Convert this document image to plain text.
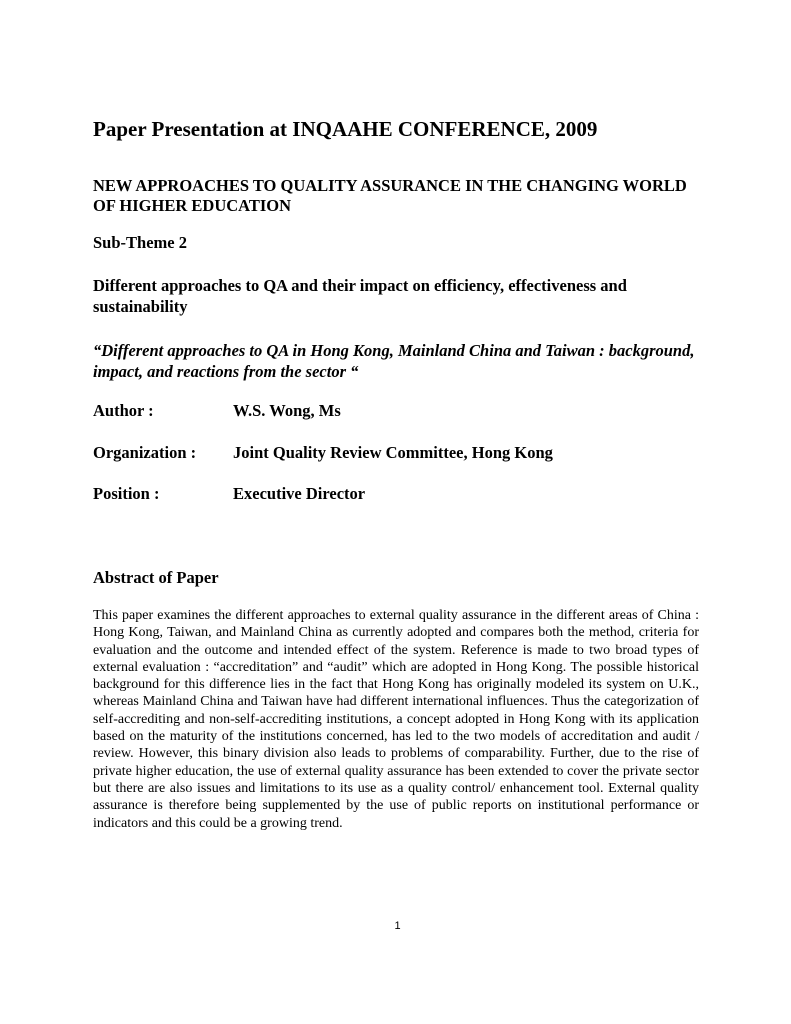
Paper Presentation at INQAAHE CONFERENCE, 2009
NEW APPROACHES TO QUALITY ASSURANCE IN THE CHANGING WORLD OF HIGHER EDUCATION
Sub-Theme 2

Different approaches to QA and their impact on efficiency, effectiveness and sustainability

“Different approaches to QA in Hong Kong, Mainland China and Taiwan : background, impact, and reactions from the sector “

Author :	W.S. Wong, Ms
Organization : Joint Quality Review Committee, Hong Kong
Position :	Executive Director
Abstract of Paper

This paper examines the different approaches to external quality assurance in the different areas of China : Hong Kong, Taiwan, and Mainland China as currently adopted and compares both the method, criteria for evaluation and the outcome and intended effect of the system. Reference is made to two broad types of external evaluation : “accreditation” and “audit” which are adopted in Hong Kong. The possible historical background for this difference lies in the fact that Hong Kong has originally modeled its system on U.K., whereas Mainland China and Taiwan have had different international influences. Thus the categorization of self-accrediting and non-self-accrediting institutions, a concept adopted in Hong Kong with its application based on the maturity of the institutions concerned, has led to the two models of accreditation and audit / review. However, this binary division also leads to problems of comparability. Further, due to the rise of private higher education, the use of external quality assurance has been extended to cover the private sector but there are also issues and limitations to its use as a quality control/ enhancement tool. External quality assurance is therefore being supplemented by the use of public reports on institutional performance or indicators and this could be a growing trend.

1
